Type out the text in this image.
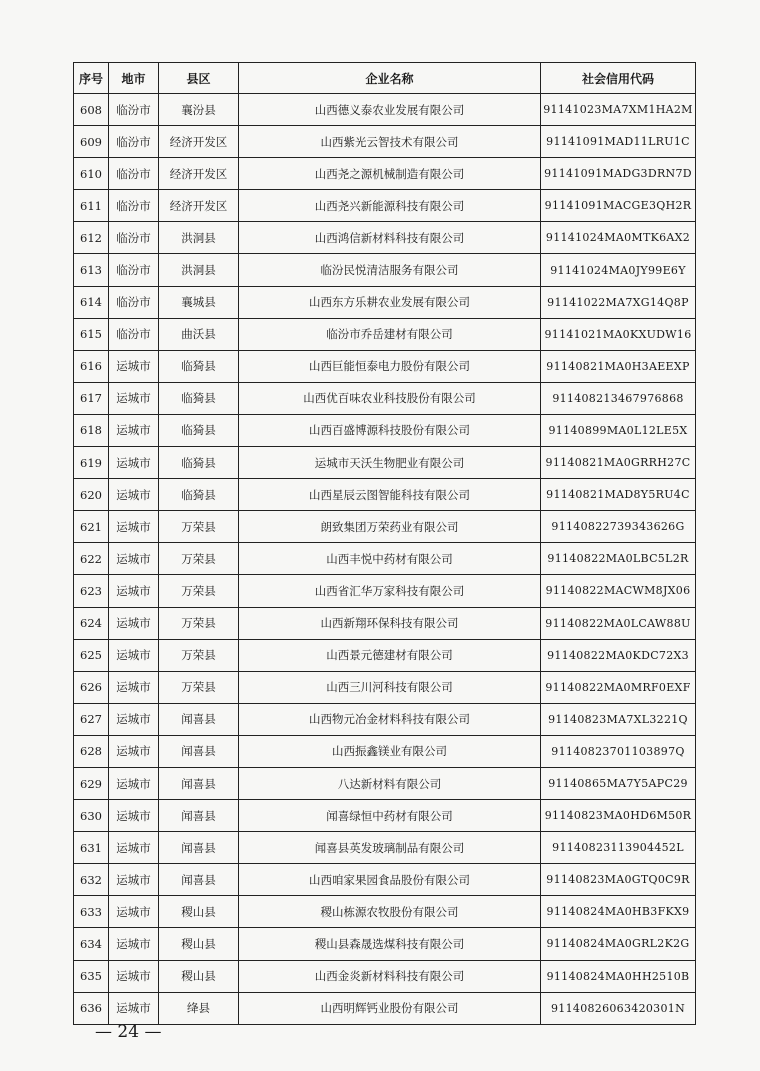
序号	地市	县区	企业名称	社会信用代码
608	临汾市	襄汾县	山西德义泰农业发展有限公司	91141023MA7XM1HA2M
609	临汾市	经济开发区	山西紫光云智技术有限公司	91141091MAD11LRU1C
610	临汾市	经济开发区	山西尧之源机械制造有限公司	91141091MADG3DRN7D
611	临汾市	经济开发区	山西尧兴新能源科技有限公司	91141091MACGE3QH2R
612	临汾市	洪洞县	山西鸿信新材料科技有限公司	91141024MA0MTK6AX2
613	临汾市	洪洞县	临汾民悦清洁服务有限公司	91141024MA0JY99E6Y
614	临汾市	襄城县	山西东方乐耕农业发展有限公司	91141022MA7XG14Q8P
615	临汾市	曲沃县	临汾市乔岳建材有限公司	91141021MA0KXUDW16
616	运城市	临猗县	山西巨能恒泰电力股份有限公司	91140821MA0H3AEEXP
617	运城市	临猗县	山西优百味农业科技股份有限公司	911408213467976868
618	运城市	临猗县	山西百盛博源科技股份有限公司	91140899MA0L12LE5X
619	运城市	临猗县	运城市天沃生物肥业有限公司	91140821MA0GRRH27C
620	运城市	临猗县	山西星辰云图智能科技有限公司	91140821MAD8Y5RU4C
621	运城市	万荣县	朗致集团万荣药业有限公司	91140822739343626G
622	运城市	万荣县	山西丰悦中药材有限公司	91140822MA0LBC5L2R
623	运城市	万荣县	山西省汇华万家科技有限公司	91140822MACWM8JX06
624	运城市	万荣县	山西新翔环保科技有限公司	91140822MA0LCAW88U
625	运城市	万荣县	山西景元德建材有限公司	91140822MA0KDC72X3
626	运城市	万荣县	山西三川河科技有限公司	91140822MA0MRF0EXF
627	运城市	闻喜县	山西物元冶金材料科技有限公司	91140823MA7XL3221Q
628	运城市	闻喜县	山西振鑫镁业有限公司	91140823701103897Q
629	运城市	闻喜县	八达新材料有限公司	91140865MA7Y5APC29
630	运城市	闻喜县	闻喜绿恒中药材有限公司	91140823MA0HD6M50R
631	运城市	闻喜县	闻喜县英发玻璃制品有限公司	91140823113904452L
632	运城市	闻喜县	山西咱家果园食品股份有限公司	91140823MA0GTQ0C9R
633	运城市	稷山县	稷山栋源农牧股份有限公司	91140824MA0HB3FKX9
634	运城市	稷山县	稷山县森晟选煤科技有限公司	91140824MA0GRL2K2G
635	运城市	稷山县	山西金炎新材料科技有限公司	91140824MA0HH2510B
636	运城市	绛县	山西明辉钙业股份有限公司	91140826063420301N
— 24 —
